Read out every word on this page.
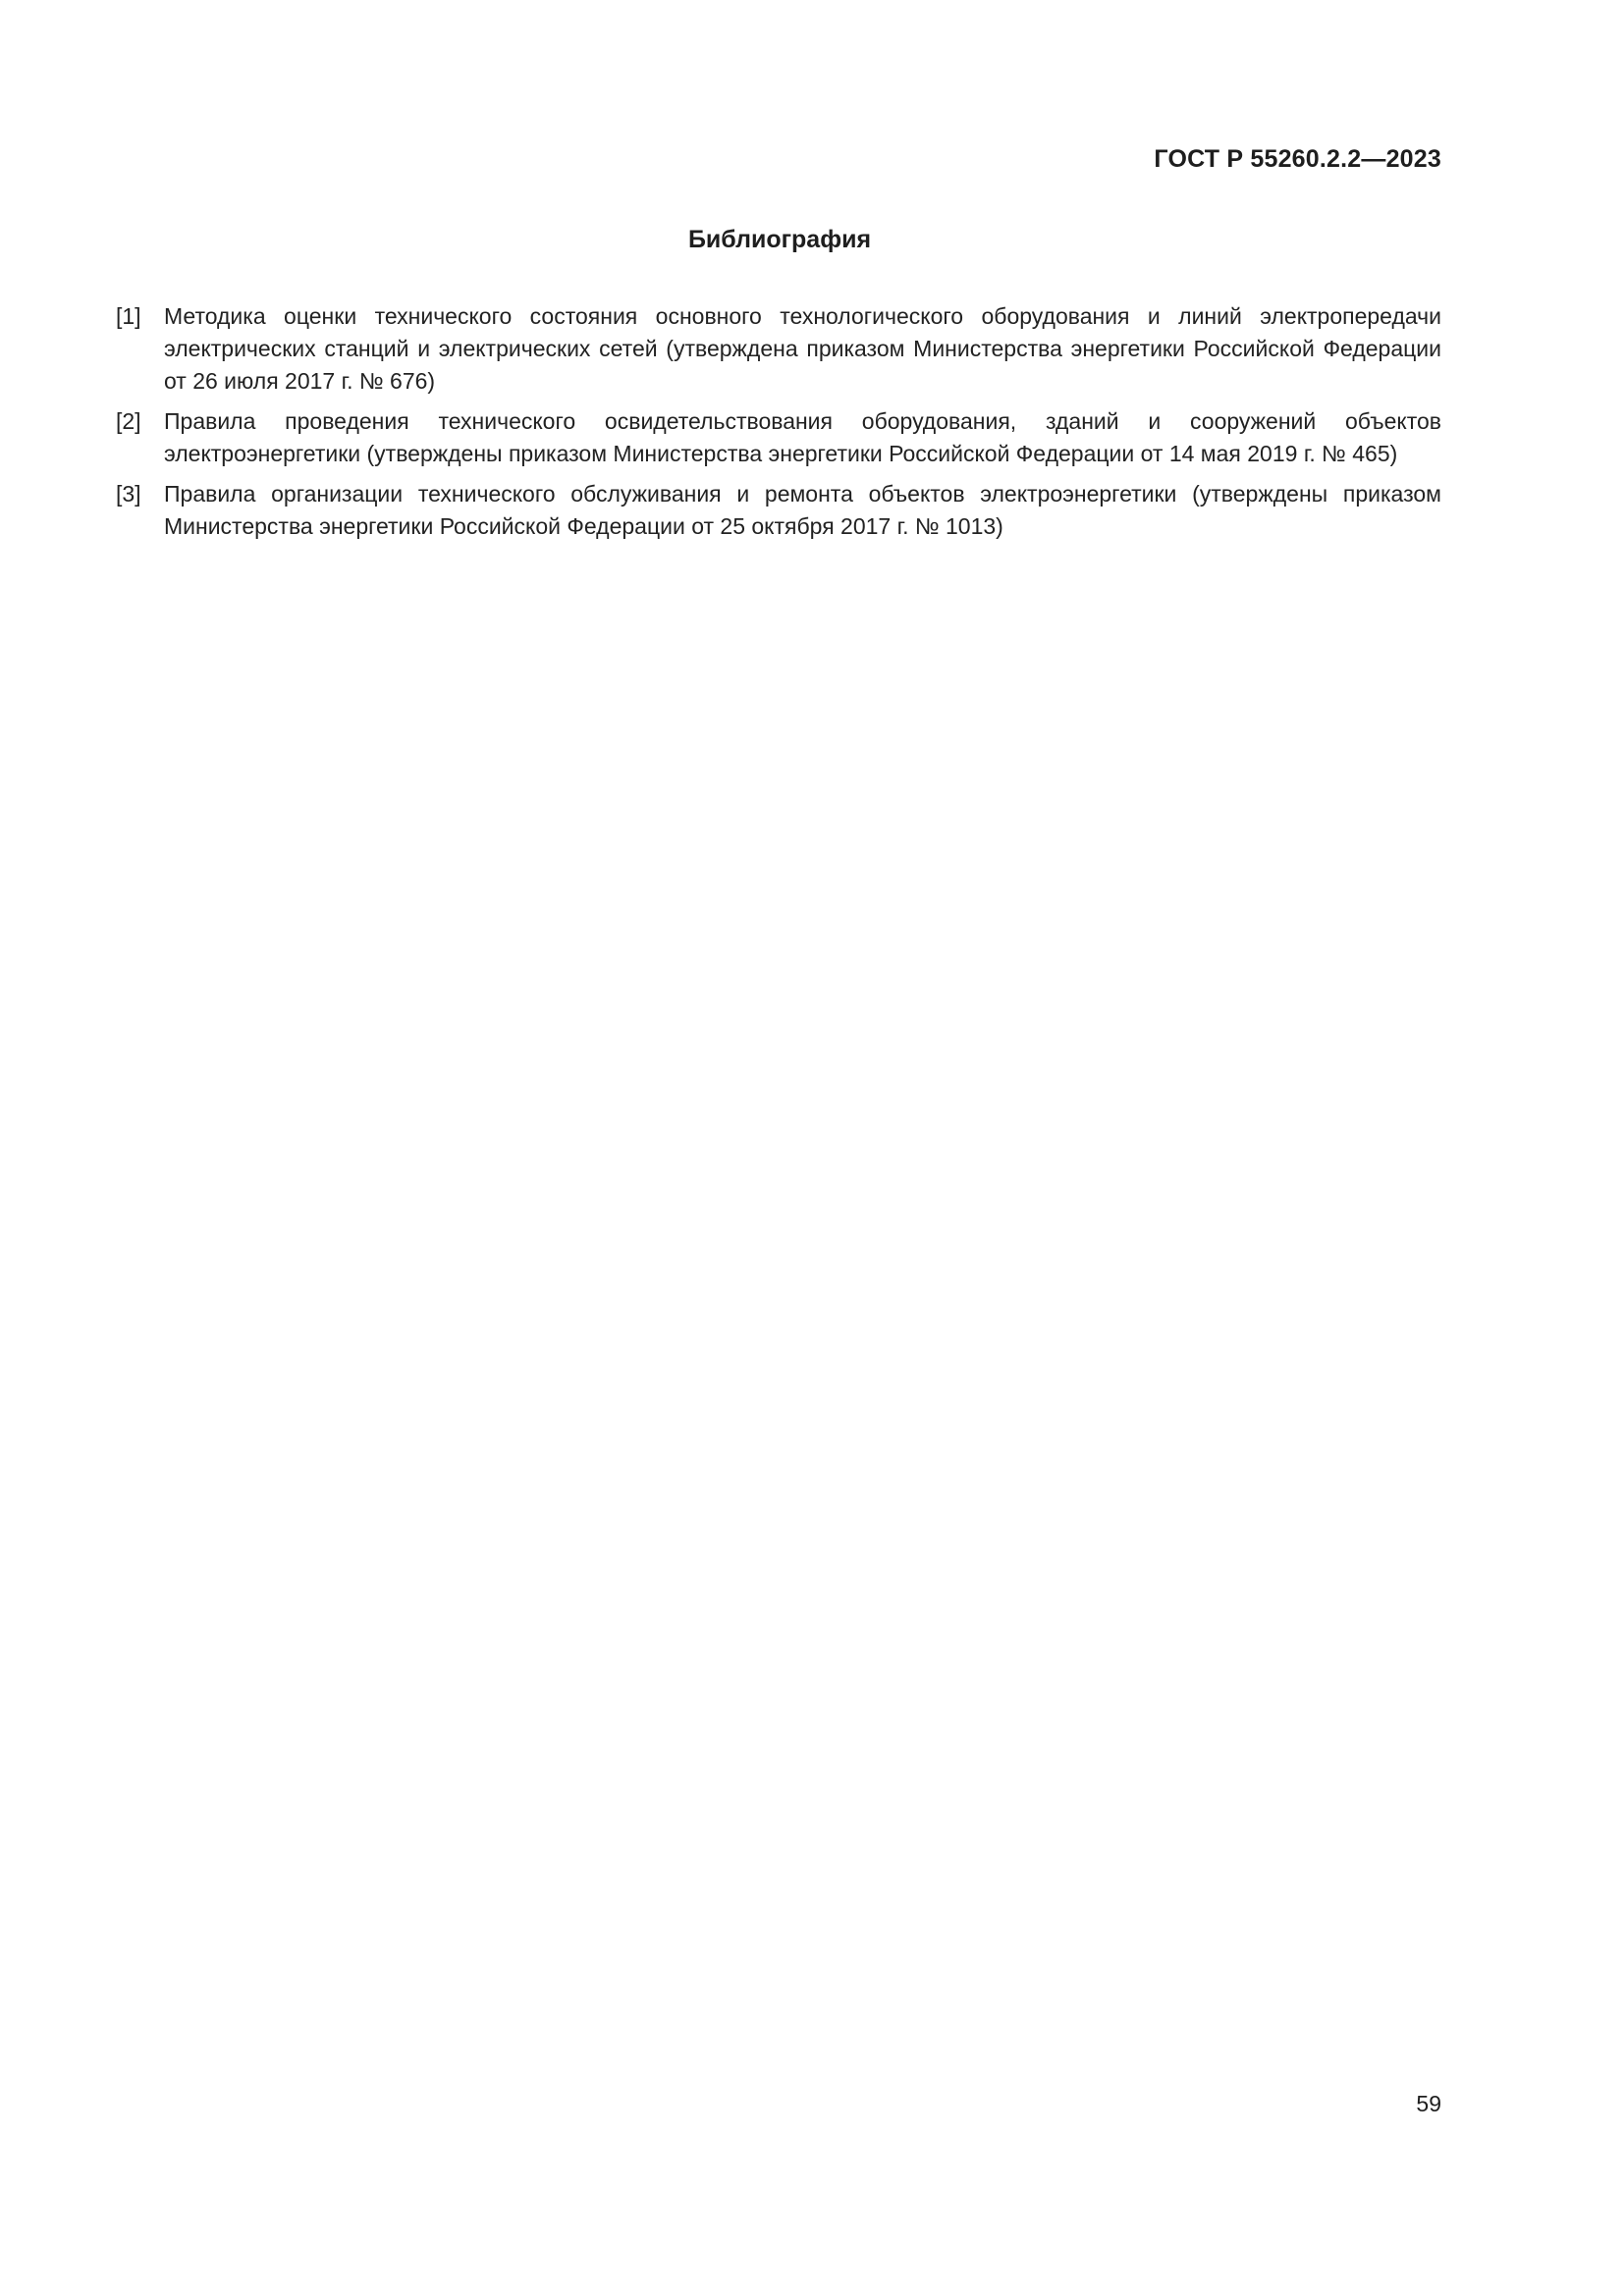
ГОСТ Р 55260.2.2—2023
Библиография
[1]	Методика оценки технического состояния основного технологического оборудования и линий электропередачи электрических станций и электрических сетей (утверждена приказом Министерства энергетики Российской Федерации от 26 июля 2017 г. № 676)
[2]	Правила проведения технического освидетельствования оборудования, зданий и сооружений объектов электроэнергетики (утверждены приказом Министерства энергетики Российской Федерации от 14 мая 2019 г. № 465)
[3]	Правила организации технического обслуживания и ремонта объектов электроэнергетики (утверждены приказом Министерства энергетики Российской Федерации от 25 октября 2017 г. № 1013)
59
